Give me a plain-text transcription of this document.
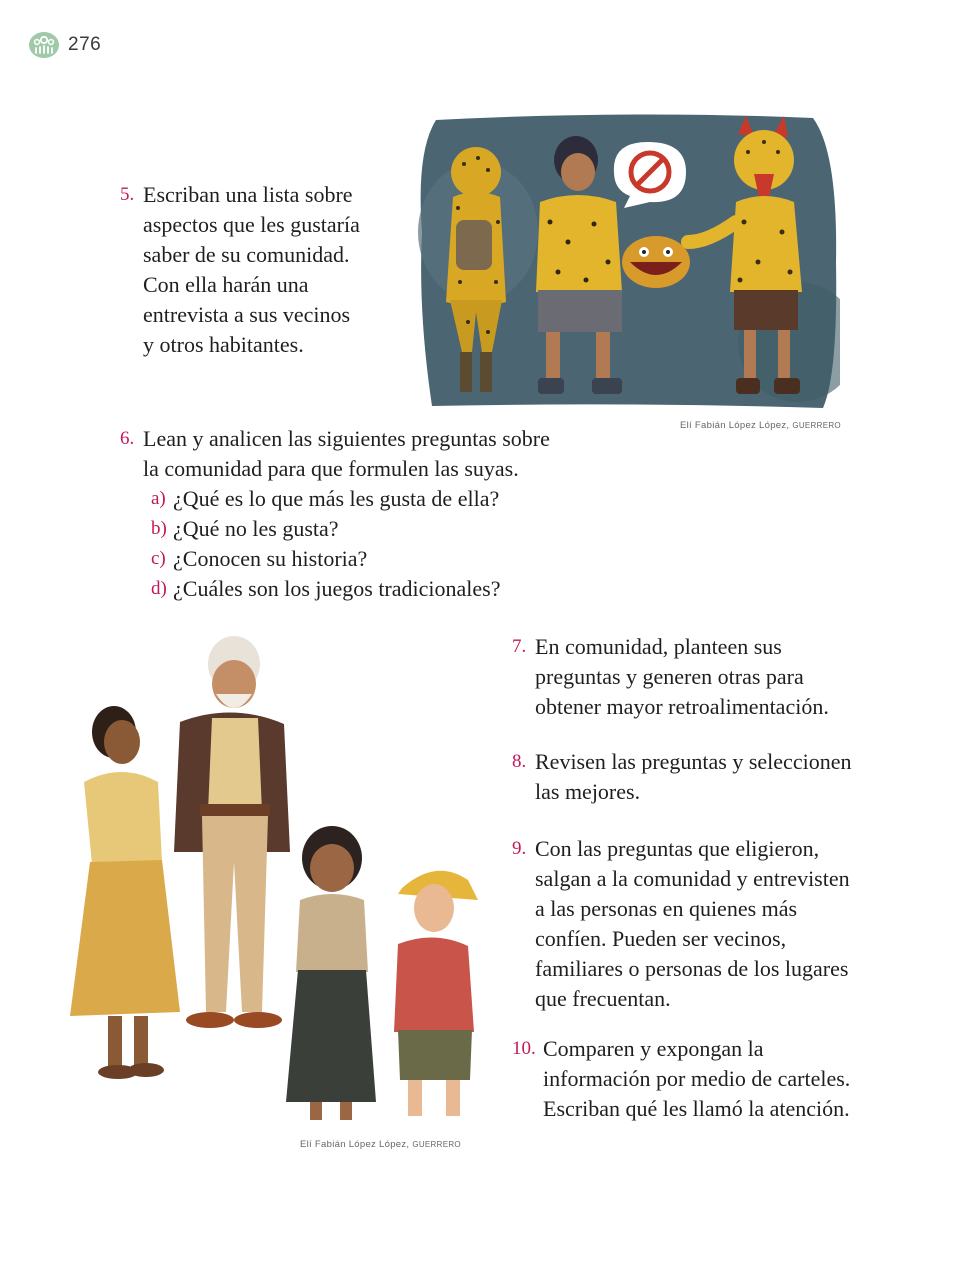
276
Elí Fabián López López, GUERRERO
5. Escriban una lista sobre
aspectos que les gustaría
saber de su comunidad.
Con ella harán una
entrevista a sus vecinos
y otros habitantes.
6. Lean y analicen las siguientes preguntas sobre
la comunidad para que formulen las suyas.
a) ¿Qué es lo que más les gusta de ella?
b) ¿Qué no les gusta?
c) ¿Conocen su historia?
d) ¿Cuáles son los juegos tradicionales?
Elí Fabián López López, GUERRERO
7. En comunidad, planteen sus
preguntas y generen otras para
obtener mayor retroalimentación.
8. Revisen las preguntas y seleccionen
las mejores.
9. Con las preguntas que eligieron,
salgan a la comunidad y entrevisten
a las personas en quienes más
confíen. Pueden ser vecinos,
familiares o personas de los lugares
que frecuentan.
10. Comparen y expongan la
información por medio de carteles.
Escriban qué les llamó la atención.
